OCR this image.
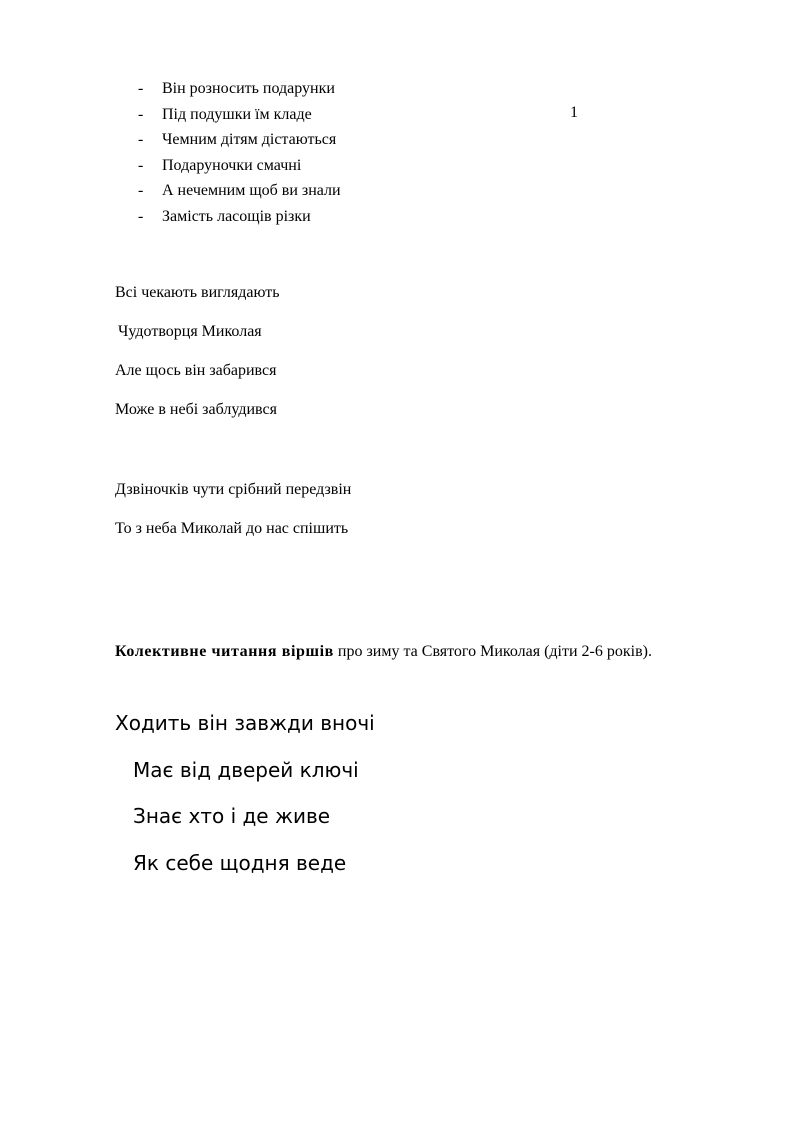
- Він розносить подарунки
- Під подушки їм кладе
- Чемним дітям дістаються
- Подаруночки смачні
- А нечемним щоб ви знали
- Замість ласощів різки
1

Всі чекають виглядають

Чудотворця Миколая

Але щось він забарився

Може в небі заблудився

Дзвіночків чути срібний передзвін

То з неба Миколай до нас спішить

Колективне читання віршів про зиму та Святого Миколая (діти 2-6 років).

Ходить він завжди вночі

Має від дверей ключі

Знає хто і де живе

Як себе щодня веде
